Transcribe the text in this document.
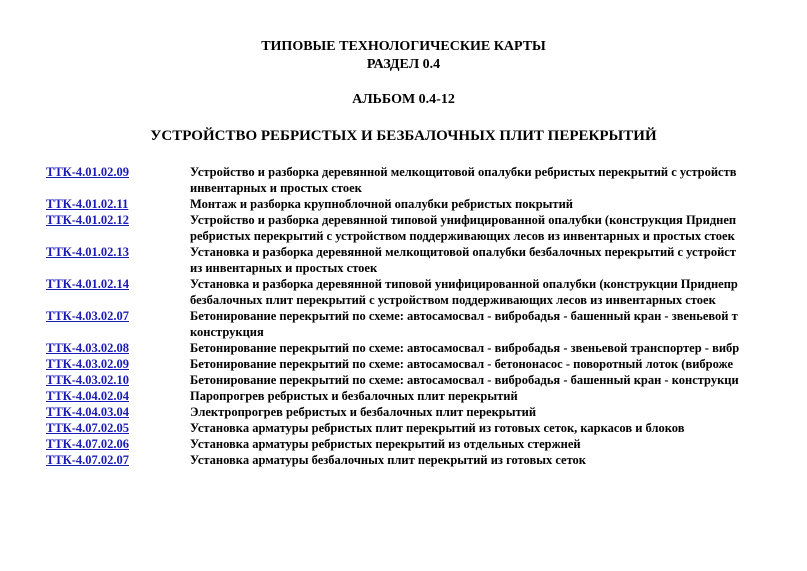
ТИПОВЫЕ ТЕХНОЛОГИЧЕСКИЕ КАРТЫ
РАЗДЕЛ 0.4
АЛЬБОМ 0.4-12
УСТРОЙСТВО РЕБРИСТЫХ И БЕЗБАЛОЧНЫХ ПЛИТ ПЕРЕКРЫТИЙ
ТТК-4.01.02.09	Устройство и разборка деревянной мелкощитовой опалубки ребристых перекрытий с устройств
инвентарных и простых стоек
ТТК-4.01.02.11	Монтаж и разборка крупноблочной опалубки ребристых покрытий
ТТК-4.01.02.12	Устройство и разборка деревянной типовой унифицированной опалубки (конструкция Приднеп
ребристых перекрытий с устройством поддерживающих лесов из инвентарных и простых стоек
ТТК-4.01.02.13	Установка и разборка деревянной мелкощитовой опалубки безбалочных перекрытий с устройст
из инвентарных и простых стоек
ТТК-4.01.02.14	Установка и разборка деревянной типовой унифицированной опалубки (конструкции Приднепр
безбалочных плит перекрытий с устройством поддерживающих лесов из инвентарных стоек
ТТК-4.03.02.07	Бетонирование перекрытий по схеме: автосамосвал - вибробадья - башенный кран - звеньевой т
конструкция
ТТК-4.03.02.08	Бетонирование перекрытий по схеме: автосамосвал - вибробадья - звеньевой транспортер - вибр
ТТК-4.03.02.09	Бетонирование перекрытий по схеме: автосамосвал - бетононасос - поворотный лоток (виброже
ТТК-4.03.02.10	Бетонирование перекрытий по схеме: автосамосвал - вибробадья - башенный кран - конструкци
ТТК-4.04.02.04	Паропрогрев ребристых и безбалочных плит перекрытий
ТТК-4.04.03.04	Электропрогрев ребристых и безбалочных плит перекрытий
ТТК-4.07.02.05	Установка арматуры ребристых плит перекрытий из готовых сеток, каркасов и блоков
ТТК-4.07.02.06	Установка арматуры ребристых перекрытий из отдельных стержней
ТТК-4.07.02.07	Установка арматуры безбалочных плит перекрытий из готовых сеток
